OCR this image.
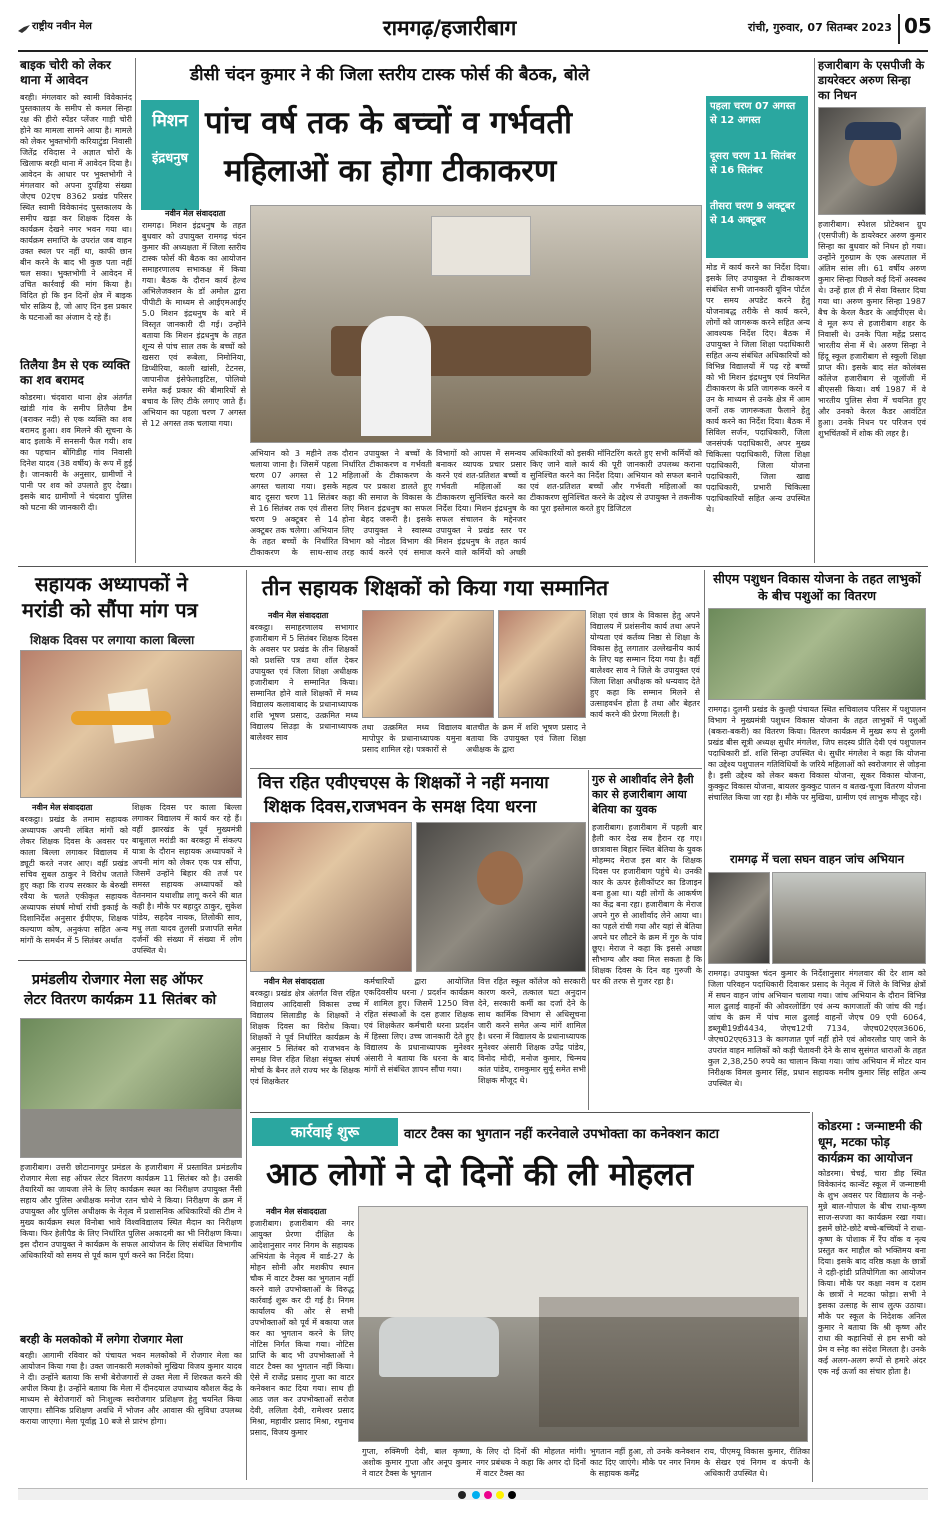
राष्ट्रीय नवीन मेल	रामगढ़/हजारीबाग	रांची, गुरुवार, 07 सितम्बर 2023 05
बाइक चोरी को लेकर थाना में आवेदन
बरही। मंगलवार को स्वामी विवेकानंद पुस्तकालय के समीप से कमल सिन्हा रक्ष की हीरो स्पेंडर प्लेंजर गाड़ी चोरी होने का मामला सामने आया है। मामले को लेकर भुक्तभोगी करियाटुंडा निवासी जितेंद्र रविदास ने अज्ञात चोरों के खिलाफ बरही थाना में आवेदन दिया है। आवेदन के आधार पर भुक्तभोगी ने मंगलवार को अपना दुपहिया संख्या जेएच 02एच 8362 प्रखंड परिसर स्थित स्वामी विवेकानंद पुस्तकालय के समीप खड़ा कर शिक्षक दिवस के कार्यक्रम देखने नगर भवन गया था। कार्यक्रम समाप्ति के उपरांत जब वाहन उक्त स्थल पर नहीं था, काफी छान बीन करने के बाद भी कुछ पता नहीं चल सका। भुक्तभोगी ने आवेदन में उचित कार्रवाई की मांग किया है। विदित हो कि इन दिनों क्षेत्र में बाइक चोर सक्रिय है, जो आए दिन इस प्रकार के घटनाओं का अंजाम दे रहे हैं।
तिलैया डैम से एक व्यक्ति का शव बरामद
कोडरमा। चंदवारा थाना क्षेत्र अंतर्गत खांडी गांव के समीप तिलैया डैम (बराकर नदी) से एक व्यक्ति का शव बरामद हुआ। शव मिलने की सूचना के बाद इलाके में सनसनी फैल गयी। शव का पहचान बोंगिडीह गांव निवासी दिनेश यादव (38 वर्षीय) के रूप में हुई है। जानकारी के अनुसार, ग्रामीणों ने पानी पर शव को उपलाते हुए देखा। इसके बाद ग्रामीणों ने चंदवारा पुलिस को घटना की जानकारी दी।
डीसी चंदन कुमार ने की जिला स्तरीय टास्क फोर्स की बैठक, बोले
मिशन
इंद्रधनुष
पांच वर्ष तक के बच्चों व गर्भवती
महिलाओं का होगा टीकाकरण
पहला चरण 07 अगस्त से 12 अगस्त
दूसरा चरण 11 सितंबर से 16 सितंबर
तीसरा चरण 9 अक्टूबर से 14 अक्टूबर
नवीन मेल संवाददाता
रामगढ़। मिशन इंद्रधनुष के तहत बुधवार को उपायुक्त रामगढ़ चंदन कुमार की अध्यक्षता में जिला स्तरीय टास्क फोर्स की बैठक का आयोजन समाहरणालय सभाकक्ष में किया गया। बैठक के दौरान कार्य हेल्थ अभिलेजक्शन के डॉ अमोल द्वारा पीपीटी के माध्यम से आईएमआईए 5.0 मिशन इंद्रधनुष के बारे में विस्तृत जानकारी दी गई। उन्होंने बताया कि मिशन इंद्रधनुष के तहत शून्य से पांच साल तक के बच्चों को खसरा एवं रूबेला, निमोनिया, डिप्थीरिया, काली खांसी, टेटनस, जापानीज इंसेफेलाइटिस, पोलियो समेत कई प्रकार की बीमारियों से बचाव के लिए टीके लगाए जाते हैं। अभियान का पहला चरण 7 अगस्त से 12 अगस्त तक चलाया गया।
अभियान को 3 महीने तक चलाया जाना है। जिसमें पहला चरण 07 अगस्त से 12 अगस्त चलाया गया। इसके बाद दूसरा चरण 11 सितंबर से 16 सितंबर तक एवं तीसरा चरण 9 अक्टूबर से 14 अक्टूबर तक चलेगा। अभियान के तहत बच्चों के निर्धारित टीकाकरण के साथ-साथ
दौरान उपायुक्त ने बच्चों के निर्धारित टीकाकरण व गर्भवती महिलाओं के टीकाकरण के महत्व पर प्रकाश डालते हुए कहा की समाज के विकास के लिए मिशन इंद्रधनुष का सफल होना बेहद जरूरी है। इसके लिए उपायुक्त ने स्वास्थ्य विभाग को नोडल विभाग की तरह कार्य करने एवं समाज
विभागों को आपस में समन्वय बनाकर व्यापक प्रचार प्रसार करने एवं शत-प्रतिशत बच्चों व गर्भवती महिलाओं का टीकाकरण सुनिश्चित करने का निर्देश दिया। मिशन इंद्रधनुष के सफल संचालन के मद्देनजर उपायुक्त ने प्रखंड स्तर पर मिशन इंद्रधनुष के तहत कार्य करने वाले कर्मियों को अच्छी
अधिकारियों को इसकी मॉनिटरिंग करते हुए सभी कर्मियों को किए जाने वाले कार्य की पूरी जानकारी उपलब्ध कराना सुनिश्चित करने का निर्देश दिया। अभियान को सफल बनाने एवं शत-प्रतिशत बच्चों और गर्भवती महिलाओं का टीकाकरण सुनिश्चित करने के उद्देश्य से उपायुक्त ने तकनीक का पूरा इस्तेमाल करते हुए डिजिटल
मोड में कार्य करने का निर्देश दिया। इसके लिए उपायुक्त ने टीकाकरण संबंधित सभी जानकारी यूविन पोर्टल पर समय अपडेट करने हेतु योजनाबद्ध तरीके से कार्य करने, लोगों को जागरूक करने सहित अन्य आवश्यक निर्देश दिए। बैठक में उपायुक्त ने जिला शिक्षा पदाधिकारी सहित अन्य संबंधित अधिकारियों को विभिन्न विद्यालयों में पढ़ रहे बच्चों को भी मिशन इंद्रधनुष एवं नियमित टीकाकरण के प्रति जागरूक करने व उन के माध्यम से उनके क्षेत्र में आम जनों तक जागरूकता फैलाने हेतु कार्य करने का निर्देश दिया। बैठक में सिविल सर्जन, पदाधिकारी, जिला जनसंपर्क पदाधिकारी, अपर मुख्य चिकित्सा पदाधिकारी, जिला शिक्षा पदाधिकारी, जिला योजना पदाधिकारी, जिला खाद्य पदाधिकारी, प्रभारी चिकित्सा पदाधिकारियों सहित अन्य उपस्थित थे।
हजारीबाग के एसपीजी के डायरेक्टर अरुण सिन्हा का निधन
हजारीबाग। स्पेशल प्रोटेक्शन ग्रुप (एसपीजी) के डायरेक्टर अरुण कुमार सिन्हा का बुधवार को निधन हो गया। उन्होंने गुरुग्राम के एक अस्पताल में अंतिम सांस ली। 61 वर्षीय अरुण कुमार सिन्हा पिछले कई दिनों अस्वस्थ थे। उन्हें हाल ही में सेवा विस्तार दिया गया था। अरुण कुमार सिन्हा 1987 बैच के केरल कैडर के आईपीएस थे। वे मूल रूप से हजारीबाग शहर के निवासी थे। उनके पिता महेंद्र प्रसाद भारतीय सेना में थे। अरुण सिन्हा ने हिंदू स्कूल हजारीबाग से स्कूली शिक्षा प्राप्त की। इसके बाद संत कोलंबस कॉलेज हजारीबाग से जूलॉजी में बीएससी किया। वर्ष 1987 में वे भारतीय पुलिस सेवा में चयनित हुए और उनको केरल कैडर आवंटित हुआ। उनके निधन पर परिजन एवं शुभचिंतकों में शोक की लहर है।
सहायक अध्यापकों ने
मरांडी को सौंपा मांग पत्र
शिक्षक दिवस पर लगाया काला बिल्ला
नवीन मेल संवाददाता
बरकट्ठा। प्रखंड के तमाम सहायक अध्यापक अपनी लंबित मांगों को लेकर शिक्षक दिवस के अवसर पर काला बिल्ला लगाकर विद्यालय में ड्यूटी करते नजर आए। वहीं प्रखंड सचिव सुबल ठाकुर ने विरोध जताते हुए कहा कि राज्य सरकार के बेरुखी रवैया के चलते एकीकृत सहायक अध्यापक संघर्ष मोर्चा रांची इकाई के दिशानिर्देश अनुसार ईपीएफ, शिक्षक कल्याण कोष, अनुकंपा सहित अन्य मांगों के समर्थन में 5 सितंबर अर्थात
शिक्षक दिवस पर काला बिल्ला लगाकर विद्यालय में कार्य कर रहे हैं। वहीं झारखंड के पूर्व मुख्यमंत्री बाबूलाल मरांडी का बरकट्ठा में संकल्प यात्रा के दौरान सहायक अध्यापकों ने अपनी मांग को लेकर एक पत्र सौंपा, जिसमें उन्होंने बिहार की तर्ज पर समस्त सहायक अध्यापकों को वेतनमान यथाशीघ्र लागू करने की बात कही है। मौके पर बहादुर ठाकुर, सुकेश पांडेय, सहदेव नायक, तिलोकी साव, मधु लता यादव तुलसी प्रजापति समेत दर्जनों की संख्या में संख्या में लोग उपस्थित थे।
तीन सहायक शिक्षकों को किया गया सम्मानित
नवीन मेल संवाददाता
बरकट्ठा। समाहरणालय सभागार हजारीबाग में 5 सितंबर शिक्षक दिवस के अवसर पर प्रखंड के तीन शिक्षकों को प्रशस्ति पत्र तथा शॉल देकर उपायुक्त एवं जिला शिक्षा अधीक्षक हजारीबाग ने सम्मानित किया। सम्मानित होने वाले शिक्षकों में मध्य विद्यालय कलावाबाद के प्रधानाध्यापक शशि भूषण प्रसाद, उत्क्रमित मध्य विद्यालय सिउड़ा के प्रधानाध्यापक बालेश्वर साव
तथा उत्क्रमित मध्य विद्यालय मापोपुर के प्रधानाध्यापक यमुना प्रसाद शामिल रहे। पत्रकारों से
बातचीत के क्रम में शशि भूषण प्रसाद ने बताया कि उपायुक्त एवं जिला शिक्षा अधीक्षक के द्वारा
शिक्षा एवं छात्र के विकास हेतु अपने विद्यालय में प्रशंसनीय कार्य तथा अपने योग्यता एवं कर्तव्य निष्ठा से शिक्षा के विकास हेतु लगातार उल्लेखनीय कार्य के लिए यह सम्मान दिया गया है। वहीं बालेश्वर साव ने जिले के उपायुक्त एवं जिला शिक्षा अधीक्षक को धन्यवाद देते हुए कहा कि सम्मान मिलने से उत्साहवर्धन होता है तथा और बेहतर कार्य करने की प्रेरणा मिलती है।
सीएम पशुधन विकास योजना के तहत लाभुकों के बीच पशुओं का वितरण
रामगढ़। दुलमी प्रखंड के कुल्ही पंचायत स्थित सचिवालय परिसर में पशुपालन विभाग ने मुख्यमंत्री पशुधन विकास योजना के तहत लाभुकों में पशुओं (बकरा-बकरी) का वितरण किया। वितरण कार्यक्रम में मुख्य रूप से दुलमी प्रखंड बीस सूत्री अध्यक्ष सुधीर मंगलेश, जिप सदस्य प्रीति देवी एवं पशुपालन पदाधिकारी डॉ. शशि सिन्हा उपस्थित थे। सुधीर मंगलेश ने कहा कि योजना का उद्देश्य पशुपालन गतिविधियों के जरिये महिलाओं को स्वरोजगार से जोड़ना है। इसी उद्देश्य को लेकर बकरा विकास योजना, सूकर विकास योजना, कुक्कुट विकास योजना, बायलर कुक्कुट पालन व बतख-चूजा वितरण योजना संचालित किया जा रहा है। मौके पर मुखिया, ग्रामीण एवं लाभुक मौजूद रहे।
रामगढ़ में चला सघन वाहन जांच अभियान
रामगढ़। उपायुक्त चंदन कुमार के निर्देशानुसार मंगलवार की देर शाम को जिला परिवहन पदाधिकारी दिवाकर प्रसाद के नेतृत्व में जिले के विभिन्न क्षेत्रों में सघन वाहन जांच अभियान चलाया गया। जांच अभियान के दौरान विभिन्न माल ढुलाई वाहनों की ओवरलोडिंग एवं अन्य कागजातों की जांच की गई। जांच के क्रम में पांच माल ढुलाई वाहनों जेएच 09 एपी 6064, डब्लूबी19डी4434, जेएच12पी 7134, जेएच02एएल3606, जेएच02एए6313 के कागजात पूर्ण नहीं होने एवं ओवरलोड पाए जाने के उपरांत वाहन मालिकों को कड़ी चेतावनी देने के साथ सुसंगत धाराओं के तहत कुल 2,38,250 रुपये का चालान किया गया। जांच अभियान में मोटर यान निरीक्षक विमल कुमार सिंह, प्रधान सहायक मनीष कुमार सिंह सहित अन्य उपस्थित थे।
वित्त रहित एवीएचएस के शिक्षकों ने नहीं मनाया
शिक्षक दिवस,राजभवन के समक्ष दिया धरना
नवीन मेल संवाददाता
बरकट्ठा। प्रखंड क्षेत्र अंतर्गत वित्त रहित विद्यालय आदिवासी विकास उच्च विद्यालय सिलाडीह के शिक्षकों ने शिक्षक दिवस का विरोध किया। शिक्षकों ने पूर्व निर्धारित कार्यक्रम के अनुसार 5 सितंबर को राजभवन के समक्ष वित्त रहित शिक्षा संयुक्त संघर्ष मोर्चा के बैनर तले राज्य भर के शिक्षक एवं शिक्षकेतर
कर्मचारियों द्वारा आयोजित एकदिवसीय धरना / प्रदर्शन कार्यक्रम में शामिल हुए। जिसमें 1250 वित्त रहित संस्थाओं के दस हजार शिक्षक एवं शिक्षकेतर कर्मचारी धरना प्रदर्शन में हिस्सा लिए। उच्च जानकारी देते हुए विद्यालय के प्रधानाध्यापक मुनेश्वर अंसारी ने बताया कि धरना के बाद मांगों से संबंधित ज्ञापन सौंपा गया।
वित्त रहित स्कूल कॉलेज को सरकारी कारण करने, तत्काल घटा अनुदान देने, सरकारी कर्मी का दर्जा देने के साथ कार्मिक विभाग से अधिसूचना जारी करने समेत अन्य मांगें शामिल है। धरना में विद्यालय के प्रधानाध्यापक मुनेश्वर अंसारी शिक्षक उपेंद्र पांडेय, विनोद मोदी, मनोज कुमार, चिन्मय कांत पांडेय, रामकुमार सुर्यू समेत सभी शिक्षक मौजूद थे।
गुरु से आशीर्वाद लेने हैली कार से हजारीबाग आया बेतिया का युवक
हजारीबाग। हजारीबाग में पहली बार हैली कार देख सब हैरान रह गए। छात्रावास बिहार स्थित बेतिया के युवक मोहम्मद मेराज इस बार के शिक्षक दिवस पर हजारीबाग पहुंचे थे। उनकी कार के ऊपर हेलीकॉप्टर का डिजाइन बना हुआ था। यही लोगों के आकर्षण का केंद्र बना रहा। हजारीबाग के मेराज अपने गुरु से आशीर्वाद लेने आया था। का पहले रांची गया और यहां से बेतिया अपने घर लौटने के क्रम में गुरु के पांव छूए। मेराज ने कहा कि इससे अच्छा सौभाग्य और क्या मिल सकता है कि शिक्षक दिवस के दिन वह गुरुजी के घर की तरफ से गुजर रहा है।
प्रमंडलीय रोजगार मेला सह ऑफर
लेटर वितरण कार्यक्रम 11 सितंबर को
हजारीबाग। उत्तरी छोटानागपुर प्रमंडल के हजारीबाग में प्रस्तावित प्रमंडलीय रोजगार मेला सह ऑफर लेटर वितरण कार्यक्रम 11 सितंबर को है। उसकी तैयारियों का जायजा लेने के लिए कार्यक्रम स्थल का निरीक्षण उपायुक्त नैंसी सहाय और पुलिस अधीक्षक मनोज रतन चोथे ने किया। निरीक्षण के क्रम में उपायुक्त और पुलिस अधीक्षक के नेतृत्व में प्रशासनिक अधिकारियों की टीम ने मुख्य कार्यक्रम स्थल विनोबा भावे विश्वविद्यालय स्थित मैदान का निरीक्षण किया। फिर हेलीपैड के लिए निर्धारित पुलिस अकादमी का भी निरीक्षण किया। इस दौरान उपायुक्त ने कार्यक्रम के सफल आयोजन के लिए संबंधित विभागीय अधिकारियों को समय से पूर्व काम पूर्ण करने का निर्देश दिया।
बरही के मलकोको में लगेगा रोजगार मेला
बरही। आगामी रविवार को पंचायत भवन मलकोको में रोजगार मेला का आयोजन किया गया है। उक्त जानकारी मलकोको मुखिया विजय कुमार यादव ने दी। उन्होंने बताया कि सभी बेरोजगारों से उक्त मेला में शिरकत करने की अपील किया है। उन्होंने बताया कि मेला में दीनदयाल उपाध्याय कौशल केंद्र के माध्यम से बेरोजगारों को निःशुल्क स्वरोजगार प्रशिक्षण हेतु चयनित किया जाएगा। सौनिक प्रशिक्षण अवधि में भोजन और आवास की सुविधा उपलब्ध कराया जाएगा। मेला पूर्वाह्न 10 बजे से प्रारंभ होगा।
कार्रवाई शुरू	वाटर टैक्स का भुगतान नहीं करनेवाले उपभोक्ता का कनेक्शन काटा
आठ लोगों ने दो दिनों की ली मोहलत
नवीन मेल संवाददाता
हजारीबाग। हजारीबाग की नगर आयुक्त प्रेरणा दीक्षित के आदेशानुसार नगर निगम के सहायक अभियंता के नेतृत्व में वार्ड-27 के मोहन सोनी और मशकीप स्थान चौक में वाटर टैक्स का भुगतान नहीं करने वाले उपभोक्ताओं के विरुद्ध कार्रवाई शुरू कर दी गई है। निगम कार्यालय की ओर से सभी उपभोक्ताओं को पूर्व में बकाया जल कर का भुगतान करने के लिए नोटिस निर्गत किया गया। नोटिस प्राप्ति के बाद भी उपभोक्ताओं ने वाटर टैक्स का भुगतान नहीं किया। ऐसे में राजेंद्र प्रसाद गुप्ता का वाटर कनेक्शन काट दिया गया। साथ ही आठ जल कर उपभोक्ताओं सरोज देवी, ललिता देवी, रामेश्वर प्रसाद मिश्रा, महावीर प्रसाद मिश्रा, रघुनाथ प्रसाद, विजय कुमार
गुप्ता, रुक्मिणी देवी, बाल कृष्णा, अशोक कुमार गुप्ता और अनूप कुमार ने वाटर टैक्स के भुगतान
के लिए दो दिनों की मोहलत मांगी। नगर प्रबंधक ने कहा कि अगर दो दिनों में वाटर टैक्स का
भुगतान नहीं हुआ, तो उनके कनेक्शन काट दिए जाएंगे। मौके पर नगर निगम के सहायक कर्मेंद्र
राय, पीएमयू विकास कुमार, रीतिका के सेखर एवं निगम व कंपनी के अधिकारी उपस्थित थे।
कोडरमा : जन्माष्टमी की धूम, मटका फोड़ कार्यक्रम का आयोजन
कोडरमा। चेचई, चारा डीह स्थित विवेकानंद कान्वेंट स्कूल में जन्माष्टमी के शुभ अवसर पर विद्यालय के नन्हे-मुन्ने बाल-गोपाल के बीच राधा-कृष्ण साज-सज्जा का कार्यक्रम रखा गया। इसमें छोटे-छोटे बच्चे-बच्चियों ने राधा-कृष्ण के पोशाक में रैंप वॉक व नृत्य प्रस्तुत कर माहौल को भक्तिमय बना दिया। इसके बाद वरिष्ठ कक्षा के छात्रों ने दही-हांडी प्रतियोगिता का आयोजन किया। मौके पर कक्षा नवम व दशम के छात्रों ने मटका फोड़ा। सभी ने इसका उत्साह के साथ लुत्फ उठाया। मौके पर स्कूल के निदेशक अनिल कुमार ने बताया कि श्री कृष्ण और राधा की कहानियों से हम सभी को प्रेम व स्नेह का संदेश मिलता है। उनके कई अलग-अलग रूपों से हमारे अंदर एक नई ऊर्जा का संचार होता है।
